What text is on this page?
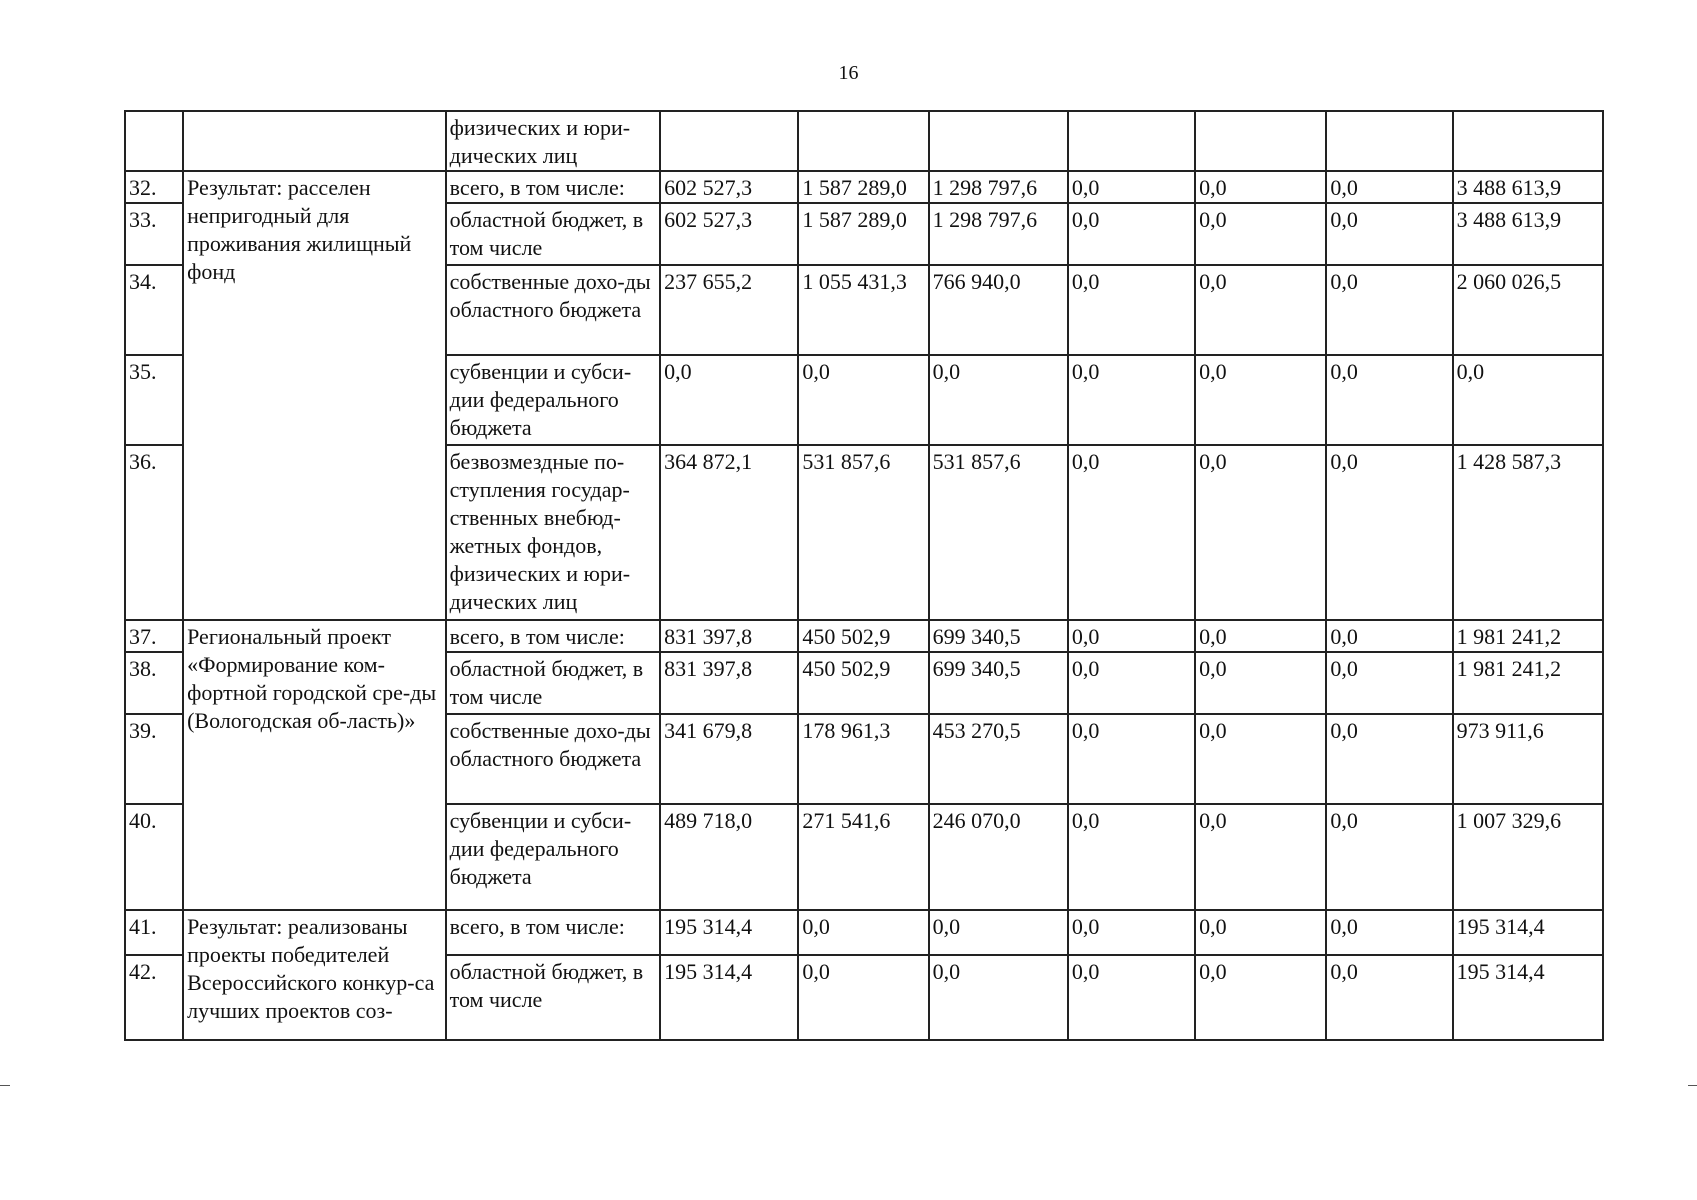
16
		физических и юри-дических лиц							
32.	Результат: расселен непригодный для проживания жилищный фонд	всего, в том числе:	602 527,3	1 587 289,0	1 298 797,6	0,0	0,0	0,0	3 488 613,9
33.		областной бюджет, в том числе	602 527,3	1 587 289,0	1 298 797,6	0,0	0,0	0,0	3 488 613,9
34.		собственные дохо-ды областного бюджета	237 655,2	1 055 431,3	766 940,0	0,0	0,0	0,0	2 060 026,5
35.		субвенции и субси-дии федерального бюджета	0,0	0,0	0,0	0,0	0,0	0,0	0,0
36.		безвозмездные по-ступления государ-ственных внебюд-жетных фондов, физических и юри-дических лиц	364 872,1	531 857,6	531 857,6	0,0	0,0	0,0	1 428 587,3
37.	Региональный проект «Формирование ком-фортной городской сре-ды (Вологодская об-ласть)»	всего, в том числе:	831 397,8	450 502,9	699 340,5	0,0	0,0	0,0	1 981 241,2
38.		областной бюджет, в том числе	831 397,8	450 502,9	699 340,5	0,0	0,0	0,0	1 981 241,2
39.		собственные дохо-ды областного бюджета	341 679,8	178 961,3	453 270,5	0,0	0,0	0,0	973 911,6
40.		субвенции и субси-дии федерального бюджета	489 718,0	271 541,6	246 070,0	0,0	0,0	0,0	1 007 329,6
41.	Результат: реализованы проекты победителей Всероссийского конкур-са лучших проектов соз-	всего, в том числе:	195 314,4	0,0	0,0	0,0	0,0	0,0	195 314,4
42.		областной бюджет, в том числе	195 314,4	0,0	0,0	0,0	0,0	0,0	195 314,4
